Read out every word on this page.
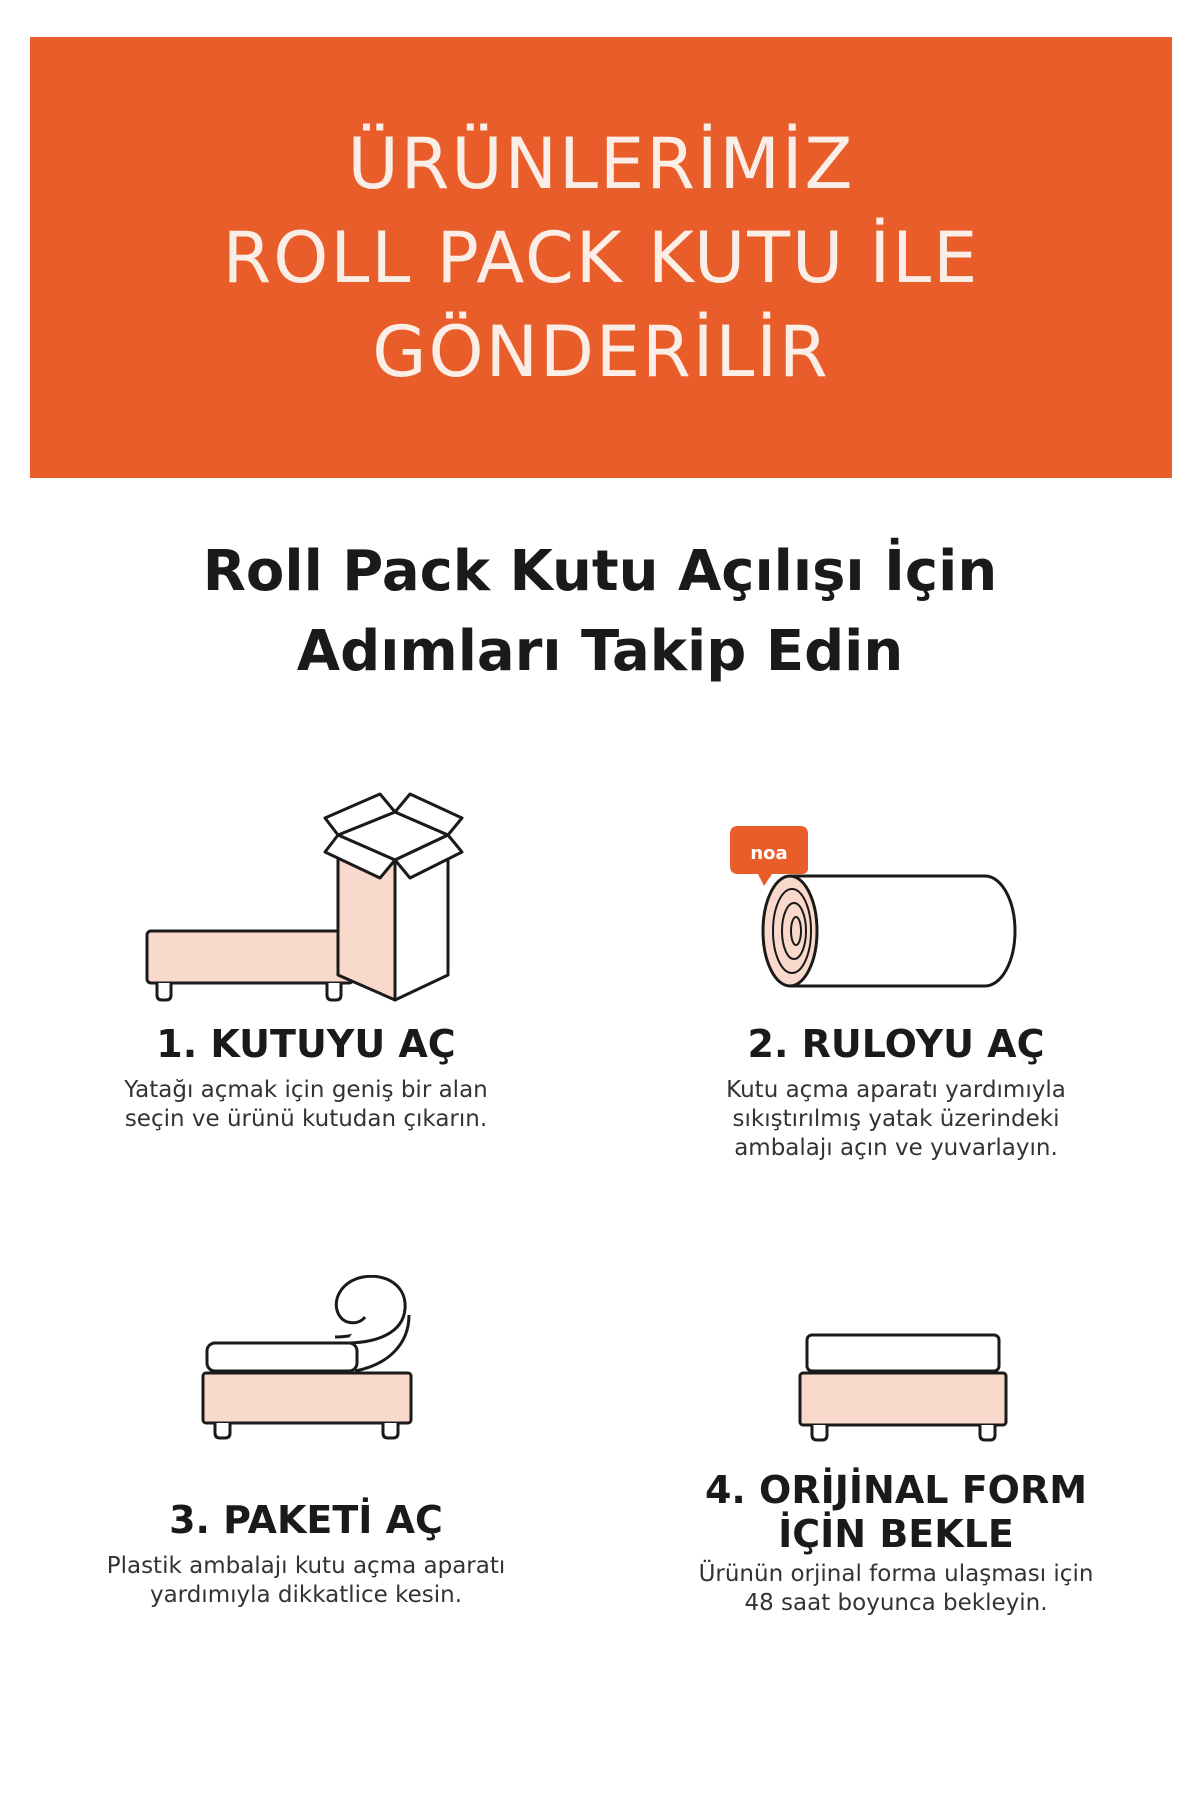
ÜRÜNLERİMİZ
ROLL PACK KUTU İLE
GÖNDERİLİR
Roll Pack Kutu Açılışı İçin
Adımları Takip Edin
1. KUTUYU AÇ
Yatağı açmak için geniş bir alan
seçin ve ürünü kutudan çıkarın.
noa
2. RULOYU AÇ
Kutu açma aparatı yardımıyla
sıkıştırılmış yatak üzerindeki
ambalajı açın ve yuvarlayın.
3. PAKETİ AÇ
Plastik ambalajı kutu açma aparatı
yardımıyla dikkatlice kesin.
4. ORİJİNAL FORM
İÇİN BEKLE
Ürünün orjinal forma ulaşması için
48 saat boyunca bekleyin.
